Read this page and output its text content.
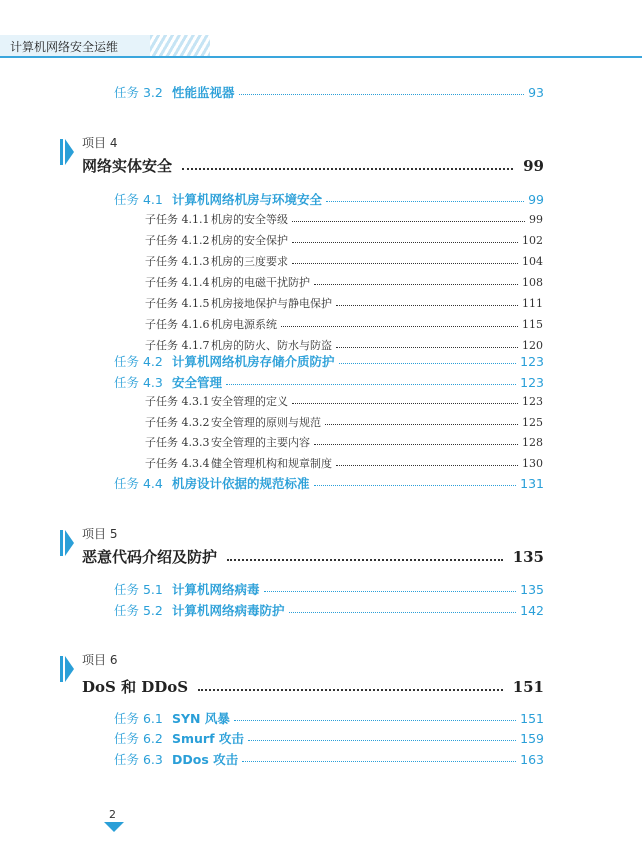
计算机网络安全运维
任务 3.2 性能监视器	93
项目 4
网络实体安全	99
任务 4.1 计算机网络机房与环境安全	99
子任务 4.1.1 机房的安全等级	99
子任务 4.1.2 机房的安全保护	102
子任务 4.1.3 机房的三度要求	104
子任务 4.1.4 机房的电磁干扰防护	108
子任务 4.1.5 机房接地保护与静电保护	111
子任务 4.1.6 机房电源系统	115
子任务 4.1.7 机房的防火、防水与防盗	120
任务 4.2 计算机网络机房存储介质防护	123
任务 4.3 安全管理	123
子任务 4.3.1 安全管理的定义	123
子任务 4.3.2 安全管理的原则与规范	125
子任务 4.3.3 安全管理的主要内容	128
子任务 4.3.4 健全管理机构和规章制度	130
任务 4.4 机房设计依据的规范标准	131
项目 5
恶意代码介绍及防护	135
任务 5.1 计算机网络病毒	135
任务 5.2 计算机网络病毒防护	142
项目 6
DoS 和 DDoS	151
任务 6.1 SYN 风暴	151
任务 6.2 Smurf 攻击	159
任务 6.3 DDos 攻击	163
2
